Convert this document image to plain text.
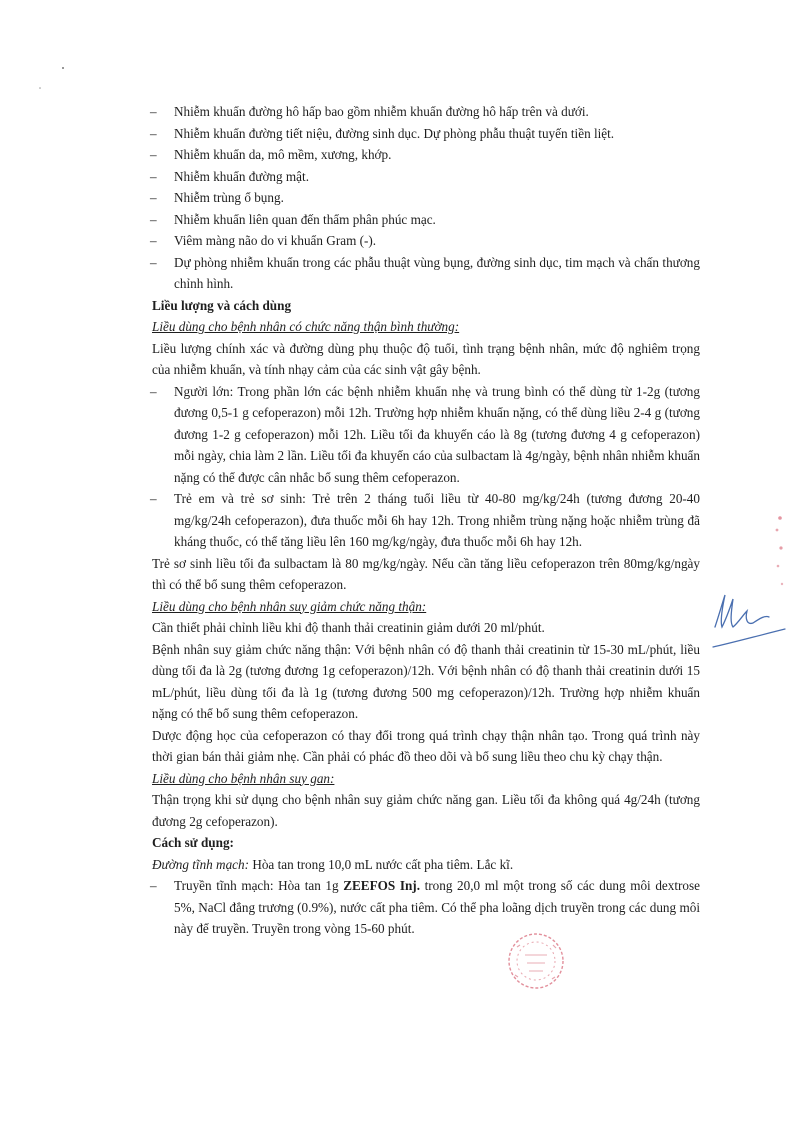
– Nhiễm khuẩn đường hô hấp bao gồm nhiễm khuẩn đường hô hấp trên và dưới.
– Nhiễm khuẩn đường tiết niệu, đường sinh dục. Dự phòng phẫu thuật tuyến tiền liệt.
– Nhiễm khuẩn da, mô mềm, xương, khớp.
– Nhiễm khuẩn đường mật.
– Nhiễm trùng ổ bụng.
– Nhiễm khuẩn liên quan đến thẩm phân phúc mạc.
– Viêm màng não do vi khuẩn Gram (-).
– Dự phòng nhiễm khuẩn trong các phẫu thuật vùng bụng, đường sinh dục, tim mạch và chấn thương chỉnh hình.
Liều lượng và cách dùng
Liều dùng cho bệnh nhân có chức năng thận bình thường:
Liều lượng chính xác và đường dùng phụ thuộc độ tuổi, tình trạng bệnh nhân, mức độ nghiêm trọng của nhiễm khuẩn, và tính nhạy cảm của các sinh vật gây bệnh.
– Người lớn: Trong phần lớn các bệnh nhiễm khuẩn nhẹ và trung bình có thể dùng từ 1-2g (tương đương 0,5-1 g cefoperazon) mỗi 12h. Trường hợp nhiễm khuẩn nặng, có thể dùng liều 2-4 g (tương đương 1-2 g cefoperazon) mỗi 12h. Liều tối đa khuyến cáo là 8g (tương đương 4 g cefoperazon) mỗi ngày, chia làm 2 lần. Liều tối đa khuyến cáo của sulbactam là 4g/ngày, bệnh nhân nhiễm khuẩn nặng có thể được cân nhắc bổ sung thêm cefoperazon.
– Trẻ em và trẻ sơ sinh: Trẻ trên 2 tháng tuổi liều từ 40-80 mg/kg/24h (tương đương 20-40 mg/kg/24h cefoperazon), đưa thuốc mỗi 6h hay 12h. Trong nhiễm trùng nặng hoặc nhiễm trùng đã kháng thuốc, có thể tăng liều lên 160 mg/kg/ngày, đưa thuốc mỗi 6h hay 12h.
Trẻ sơ sinh liều tối đa sulbactam là 80 mg/kg/ngày. Nếu cần tăng liều cefoperazon trên 80mg/kg/ngày thì có thể bổ sung thêm cefoperazon.
Liều dùng cho bệnh nhân suy giảm chức năng thận:
Cần thiết phải chỉnh liều khi độ thanh thải creatinin giảm dưới 20 ml/phút.
Bệnh nhân suy giảm chức năng thận: Với bệnh nhân có độ thanh thải creatinin từ 15-30 mL/phút, liều dùng tối đa là 2g (tương đương 1g cefoperazon)/12h. Với bệnh nhân có độ thanh thải creatinin dưới 15 mL/phút, liều dùng tối đa là 1g (tương đương 500 mg cefoperazon)/12h. Trường hợp nhiễm khuẩn nặng có thể bổ sung thêm cefoperazon.
Dược động học của cefoperazon có thay đổi trong quá trình chạy thận nhân tạo. Trong quá trình này thời gian bán thải giảm nhẹ. Cần phải có phác đồ theo dõi và bổ sung liều theo chu kỳ chạy thận.
Liều dùng cho bệnh nhân suy gan:
Thận trọng khi sử dụng cho bệnh nhân suy giảm chức năng gan. Liều tối đa không quá 4g/24h (tương đương 2g cefoperazon).
Cách sử dụng:
Đường tĩnh mạch: Hòa tan trong 10,0 mL nước cất pha tiêm. Lắc kĩ.
– Truyền tĩnh mạch: Hòa tan 1g ZEEFOS Inj. trong 20,0 ml một trong số các dung môi dextrose 5%, NaCl đẳng trương (0.9%), nước cất pha tiêm. Có thể pha loãng dịch truyền trong các dung môi này để truyền. Truyền trong vòng 15-60 phút.
